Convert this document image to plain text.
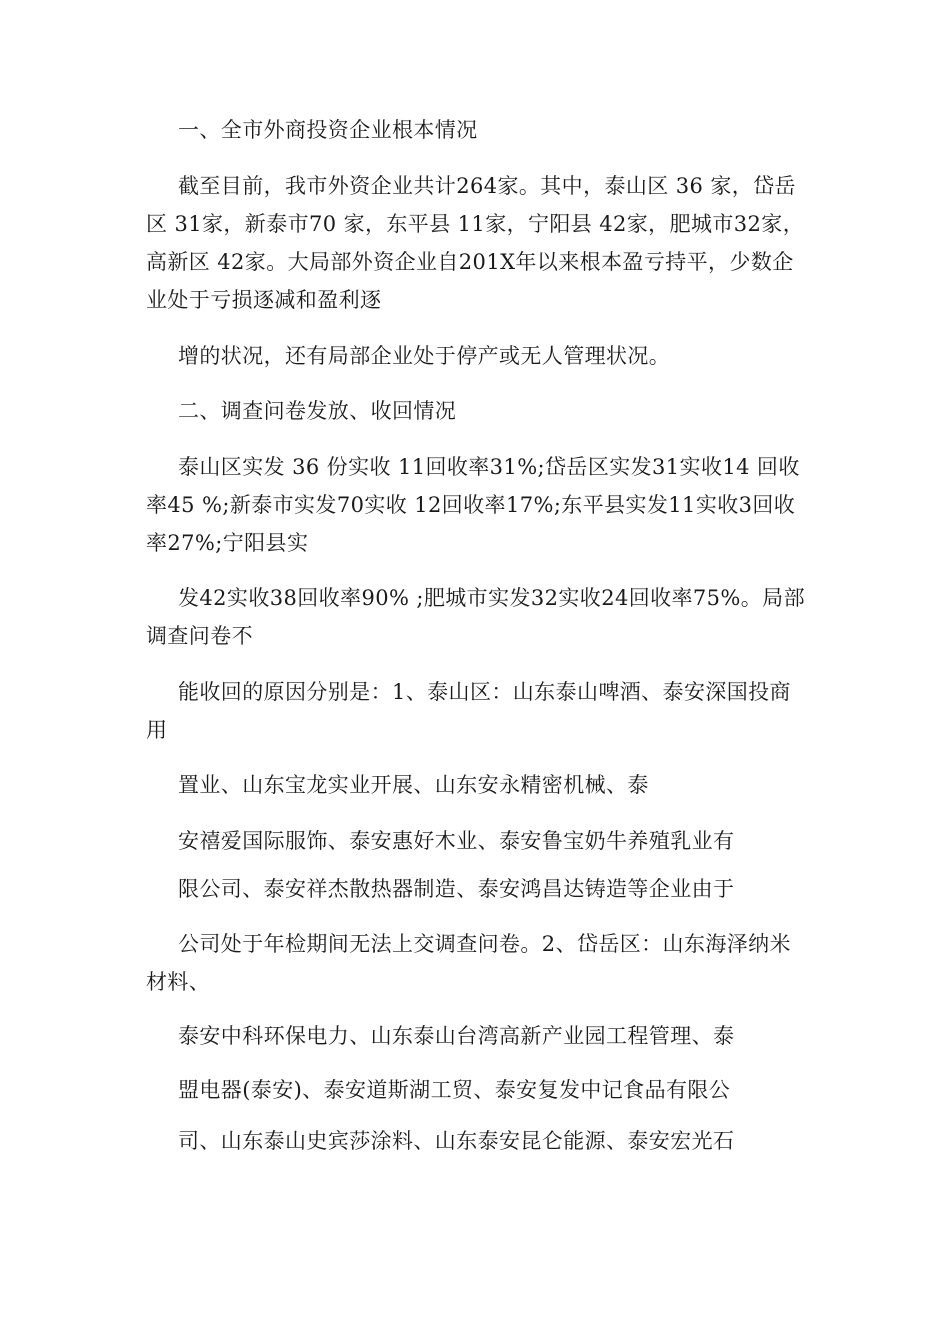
一、全市外商投资企业根本情况
截至目前，我市外资企业共计264家。其中，泰山区 36 家，岱岳
区 31家，新泰市70 家，东平县 11家，宁阳县 42家，肥城市32家，
高新区 42家。大局部外资企业自201X年以来根本盈亏持平，少数企
业处于亏损逐减和盈利逐
增的状况，还有局部企业处于停产或无人管理状况。
二、调查问卷发放、收回情况
泰山区实发 36 份实收 11回收率31%;岱岳区实发31实收14 回收
率45 %;新泰市实发70实收 12回收率17%;东平县实发11实收3回收
率27%;宁阳县实
发42实收38回收率90% ;肥城市实发32实收24回收率75%。局部
调查问卷不
能收回的原因分别是：1、泰山区：山东泰山啤酒、泰安深国投商
用
置业、山东宝龙实业开展、山东安永精密机械、泰
安禧爱国际服饰、泰安惠好木业、泰安鲁宝奶牛养殖乳业有
限公司、泰安祥杰散热器制造、泰安鸿昌达铸造等企业由于
公司处于年检期间无法上交调查问卷。2、岱岳区：山东海泽纳米
材料、
泰安中科环保电力、山东泰山台湾高新产业园工程管理、泰
盟电器(泰安)、泰安道斯湖工贸、泰安复发中记食品有限公
司、山东泰山史宾莎涂料、山东泰安昆仑能源、泰安宏光石
